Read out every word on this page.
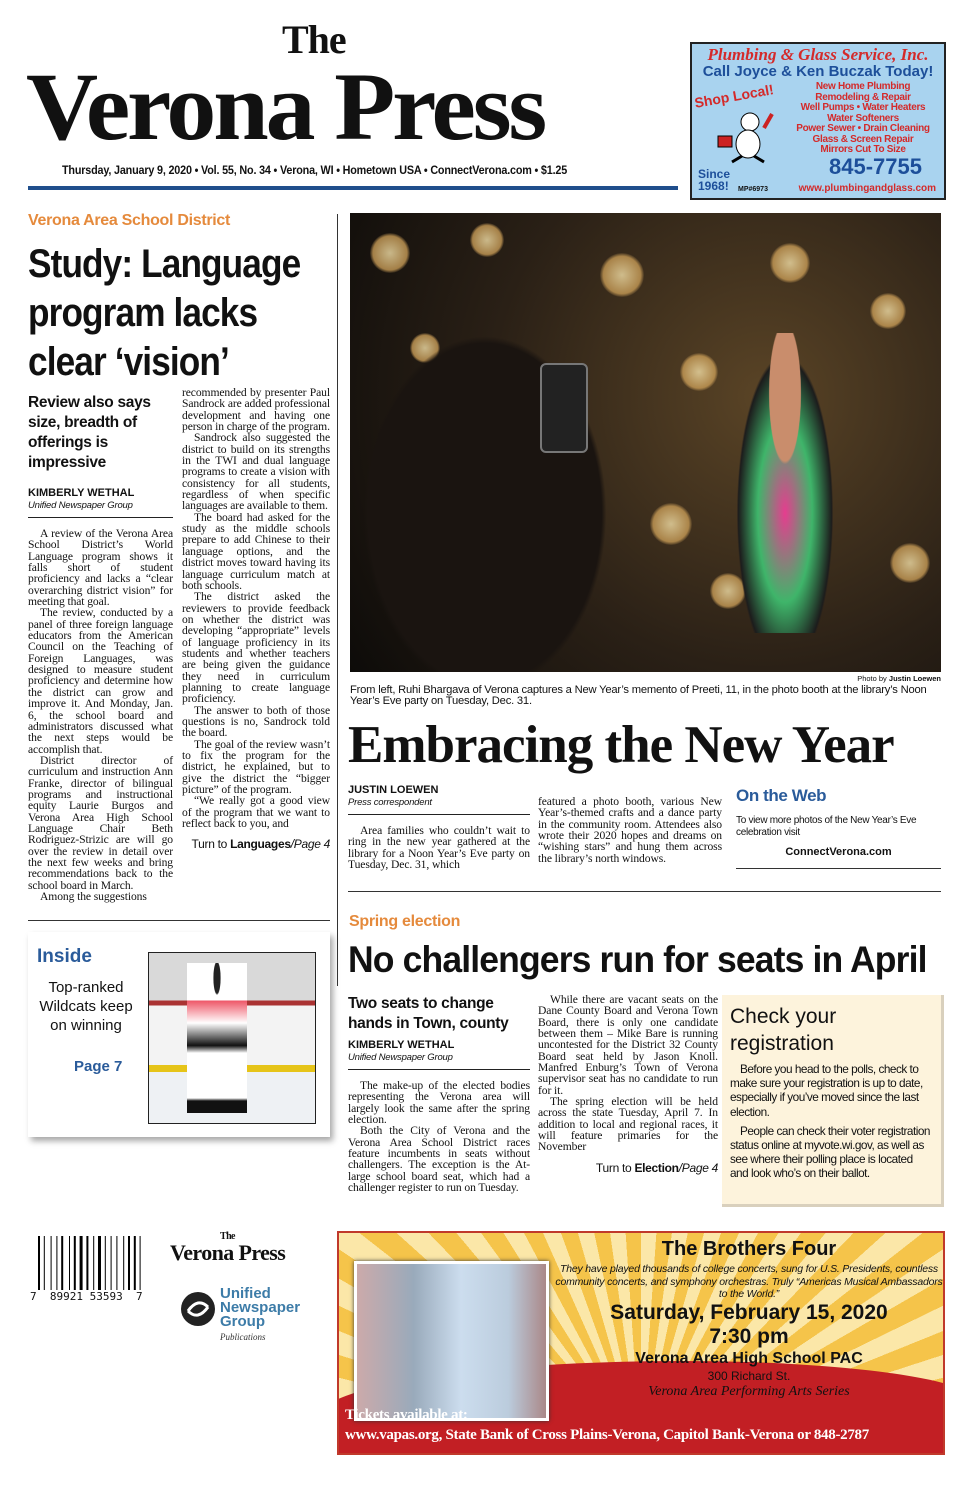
The
Verona Press
Thursday, January 9, 2020 • Vol. 55, No. 34 • Verona, WI • Hometown USA • ConnectVerona.com • $1.25
Plumbing & Glass Service, Inc.
Call Joyce & Ken Buczak Today!
Shop Local!	New Home Plumbing
Remodeling & Repair
Well Pumps • Water Heaters
Water Softeners
Power Sewer • Drain Cleaning
Glass & Screen Repair
Mirrors Cut To Size
Since 1968!	MP#6973
845-7755
www.plumbingandglass.com
Verona Area School District
Study: Language program lacks clear ‘vision’
Review also says size, breadth of offerings is impressive
KIMBERLY WETHAL
Unified Newspaper Group

A review of the Verona Area School District’s World Language program shows it falls short of student proficiency and lacks a “clear overarching district vision” for meeting that goal.

The review, conducted by a panel of three foreign language educators from the American Council on the Teaching of Foreign Languages, was designed to measure student proficiency and determine how the district can grow and improve it. And Monday, Jan. 6, the school board and administrators discussed what the next steps would be accomplish that.

District director of curriculum and instruction Ann Franke, director of bilingual programs and instructional equity Laurie Burgos and Verona Area High School Language Chair Beth Rodriguez-Strizic are will go over the review in detail over the next few weeks and bring recommendations back to the school board in March.

Among the suggestions

recommended by presenter Paul Sandrock are added professional development and having one person in charge of the program.

Sandrock also suggested the district to build on its strengths in the TWI and dual language programs to create a vision with consistency for all students, regardless of when specific languages are available to them.

The board had asked for the study as the middle schools prepare to add Chinese to their language options, and the district moves toward having its language curriculum match at both schools.

The district asked the reviewers to provide feedback on whether the district was developing “appropriate” levels of language proficiency in its students and whether teachers are being given the guidance they need in curriculum planning to create language proficiency.

The answer to both of those questions is no, Sandrock told the board.

The goal of the review wasn’t to fix the program for the district, he explained, but to give the district the “bigger picture” of the program.

“We really got a good view of the program that we want to reflect back to you, and

Turn to Languages/Page 4
Inside
Top-ranked Wildcats keep on winning
Page 7
Photo by Justin Loewen
From left, Ruhi Bhargava of Verona captures a New Year’s memento of Preeti, 11, in the photo booth at the library’s Noon Year’s Eve party on Tuesday, Dec. 31.
Embracing the New Year
JUSTIN LOEWEN
Press correspondent

Area families who couldn’t wait to ring in the new year gathered at the library for a Noon Year’s Eve party on Tuesday, Dec. 31, which

featured a photo booth, various New Year’s-themed crafts and a dance party in the community room. Attendees also wrote their 2020 hopes and dreams on “wishing stars” and hung them across the library’s north windows.

On the Web
To view more photos of the New Year’s Eve celebration visit
ConnectVerona.com
Spring election
No challengers run for seats in April
Two seats to change hands in Town, county
KIMBERLY WETHAL
Unified Newspaper Group

The make-up of the elected bodies representing the Verona area will largely look the same after the spring election.

Both the City of Verona and the Verona Area School District races feature incumbents in seats without challengers. The exception is the At-large school board seat, which had a challenger register to run on Tuesday.

While there are vacant seats on the Dane County Board and Verona Town Board, there is only one candidate between them – Mike Bare is running uncontested for the District 32 County Board seat held by Jason Knoll. Manfred Enburg’s Town of Verona supervisor seat has no candidate to run for it.

The spring election will be held across the state Tuesday, April 7. In addition to local and regional races, it will feature primaries for the November

Turn to Election/Page 4
Check your registration

Before you head to the polls, check to make sure your registration is up to date, especially if you’ve moved since the last election.

People can check their voter registration status online at myvote.wi.gov, as well as see where their polling place is located and look who’s on their ballot.

7  89921 53593  7
The
Verona Press
Unified Newspaper Group
Publications
The Brothers Four
They have played thousands of college concerts, sung for U.S. Presidents, countless community concerts, and symphony orchestras. Truly “Americas Musical Ambassadors to the World.”
Saturday, February 15, 2020
7:30 pm
Verona Area High School PAC
300 Richard St.
Verona Area Performing Arts Series
Tickets available at:
www.vapas.org, State Bank of Cross Plains-Verona, Capitol Bank-Verona or 848-2787
